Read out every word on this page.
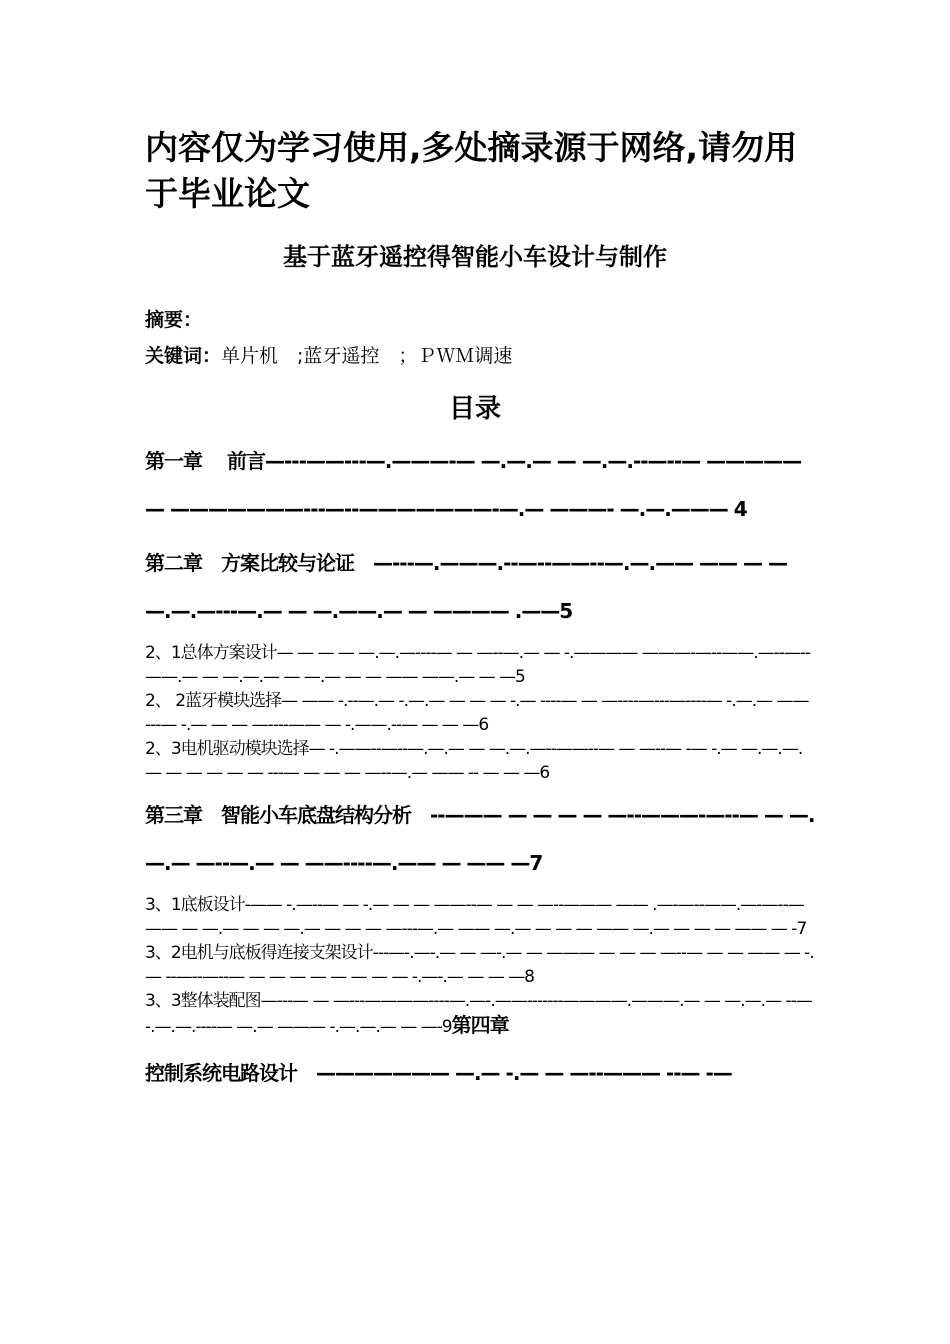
内容仅为学习使用,多处摘录源于网络,请勿用于毕业论文

基于蓝牙遥控得智能小车设计与制作

摘要：
关键词：单片机　;蓝牙遥控　；ＰＷＭ调速
目录

第一章　 前言—---——---—.———-— —.—.— — —.—.--—--— ————— — ———————---—--———————-—.— ———- —.—.——— 4

第二章　方案比较与论证　—---—.———.--—--——--—.—.—— —— — — —.—.—---—.— — —.——.— — ———— .——5

2、1总体方案设计— — — — —.—.—----— — —--—.— — -.———— ———-—--——.—--—--——.— — —.—.— — —.— — — —— ——.— — —5

2、 2蓝牙模块选择— —— -.--—.— -.—.— — — — -.— ----— — —----—---—----— -.—.— —— ---— -.— — — —----—— — -.——.--— — — —6

2、3电机驱动模块选择— -.——--—--—.—.— — —.—.—--——--— — —--— -— -.— —.—.—.— — — — — — ---— — — — —--—.— —— -- — — —6

第三章　智能小车底盘结构分析　--——— — — — — —--———-—--— — —.—.— —--—.— — ——----—.—— — —— —7

3、1底板设计-—— -.—--— — -.— — — ——--— — — —--——— —— .—-—--——.—-—--— —— — —.— — — —.— — — — —---—.— —— —.— — — — —— —.— — — — —— — -7

3、2电机与底板得连接支架设计---—-.—-.— — —-.— — ——— — — — —--— — — —— — -.— --—--—--— — — — — — — — — -.—-.— — — —8

3、3整体装配图—---— — —---————----—.—-.——-------————.———.— — —.—.— --— -.—.—.----— —.— ——— -.—.—.— — —-9第四章

控制系统电路设计　——————— —.— -.— — —--——— --— -—
